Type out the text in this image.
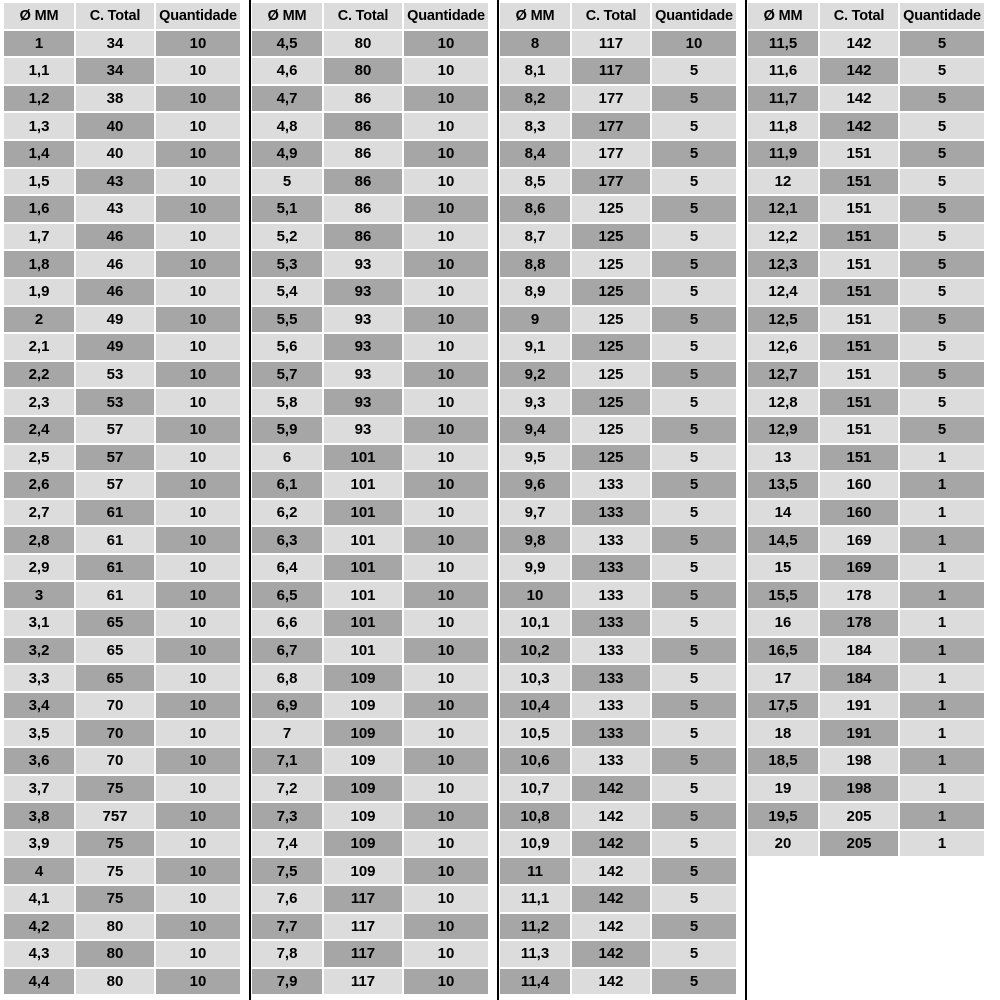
Ø MM	C. Total	Quantidade
1	34	10
1,1	34	10
1,2	38	10
1,3	40	10
1,4	40	10
1,5	43	10
1,6	43	10
1,7	46	10
1,8	46	10
1,9	46	10
2	49	10
2,1	49	10
2,2	53	10
2,3	53	10
2,4	57	10
2,5	57	10
2,6	57	10
2,7	61	10
2,8	61	10
2,9	61	10
3	61	10
3,1	65	10
3,2	65	10
3,3	65	10
3,4	70	10
3,5	70	10
3,6	70	10
3,7	75	10
3,8	757	10
3,9	75	10
4	75	10
4,1	75	10
4,2	80	10
4,3	80	10
4,4	80	10
Ø MM	C. Total	Quantidade
4,5	80	10
4,6	80	10
4,7	86	10
4,8	86	10
4,9	86	10
5	86	10
5,1	86	10
5,2	86	10
5,3	93	10
5,4	93	10
5,5	93	10
5,6	93	10
5,7	93	10
5,8	93	10
5,9	93	10
6	101	10
6,1	101	10
6,2	101	10
6,3	101	10
6,4	101	10
6,5	101	10
6,6	101	10
6,7	101	10
6,8	109	10
6,9	109	10
7	109	10
7,1	109	10
7,2	109	10
7,3	109	10
7,4	109	10
7,5	109	10
7,6	117	10
7,7	117	10
7,8	117	10
7,9	117	10
Ø MM	C. Total	Quantidade
8	117	10
8,1	117	5
8,2	177	5
8,3	177	5
8,4	177	5
8,5	177	5
8,6	125	5
8,7	125	5
8,8	125	5
8,9	125	5
9	125	5
9,1	125	5
9,2	125	5
9,3	125	5
9,4	125	5
9,5	125	5
9,6	133	5
9,7	133	5
9,8	133	5
9,9	133	5
10	133	5
10,1	133	5
10,2	133	5
10,3	133	5
10,4	133	5
10,5	133	5
10,6	133	5
10,7	142	5
10,8	142	5
10,9	142	5
11	142	5
11,1	142	5
11,2	142	5
11,3	142	5
11,4	142	5
Ø MM	C. Total	Quantidade
11,5	142	5
11,6	142	5
11,7	142	5
11,8	142	5
11,9	151	5
12	151	5
12,1	151	5
12,2	151	5
12,3	151	5
12,4	151	5
12,5	151	5
12,6	151	5
12,7	151	5
12,8	151	5
12,9	151	5
13	151	1
13,5	160	1
14	160	1
14,5	169	1
15	169	1
15,5	178	1
16	178	1
16,5	184	1
17	184	1
17,5	191	1
18	191	1
18,5	198	1
19	198	1
19,5	205	1
20	205	1
